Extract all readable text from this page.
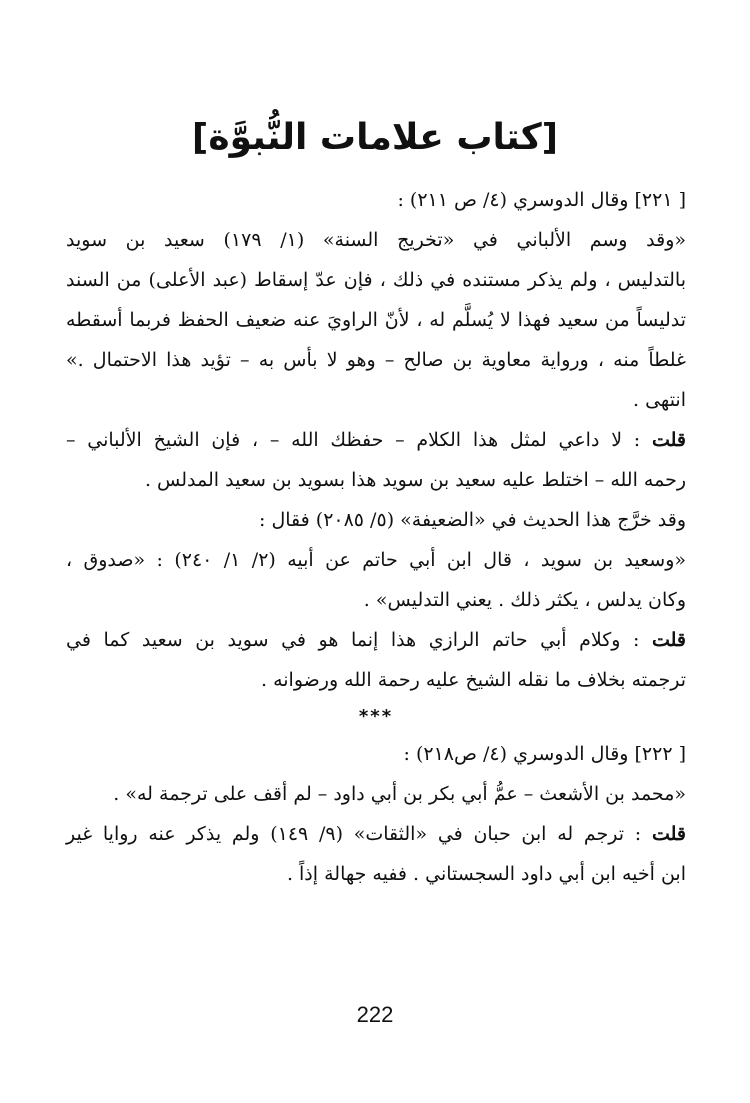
[كتاب علامات النُّبوَّة]
[ ٢٢١] وقال الدوسري (٤/ ص ٢١١) :
«وقد وسم الألباني في «تخريج السنة» (١/ ١٧٩) سعيد بن سويد
بالتدليس ، ولم يذكر مستنده في ذلك ، فإن عدّ إسقاط (عبد الأعلى) من السند
تدليساً من سعيد فهذا لا يُسلَّم له ، لأنّ الراويَ عنه ضعيف الحفظ فربما أسقطه
غلطاً منه ، ورواية معاوية بن صالح – وهو لا بأس به – تؤيد هذا الاحتمال .»
انتهى .
قلت : لا داعي لمثل هذا الكلام – حفظك الله – ، فإن الشيخ الألباني –
رحمه الله – اختلط عليه سعيد بن سويد هذا بسويد بن سعيد المدلس .
وقد خرَّج هذا الحديث في «الضعيفة» (٥/ ٢٠٨٥) فقال :
«وسعيد بن سويد ، قال ابن أبي حاتم عن أبيه (٢/ ١/ ٢٤٠) : «صدوق ،
وكان يدلس ، يكثر ذلك . يعني التدليس» .
قلت : وكلام أبي حاتم الرازي هذا إنما هو في سويد بن سعيد كما في
ترجمته بخلاف ما نقله الشيخ عليه رحمة الله ورضوانه .
***
[ ٢٢٢] وقال الدوسري (٤/ ص٢١٨) :
«محمد بن الأشعث – عمُّ أبي بكر بن أبي داود – لم أقف على ترجمة له» .
قلت : ترجم له ابن حبان في «الثقات» (٩/ ١٤٩) ولم يذكر عنه روايا غير
ابن أخيه ابن أبي داود السجستاني . ففيه جهالة إذاً .
222
